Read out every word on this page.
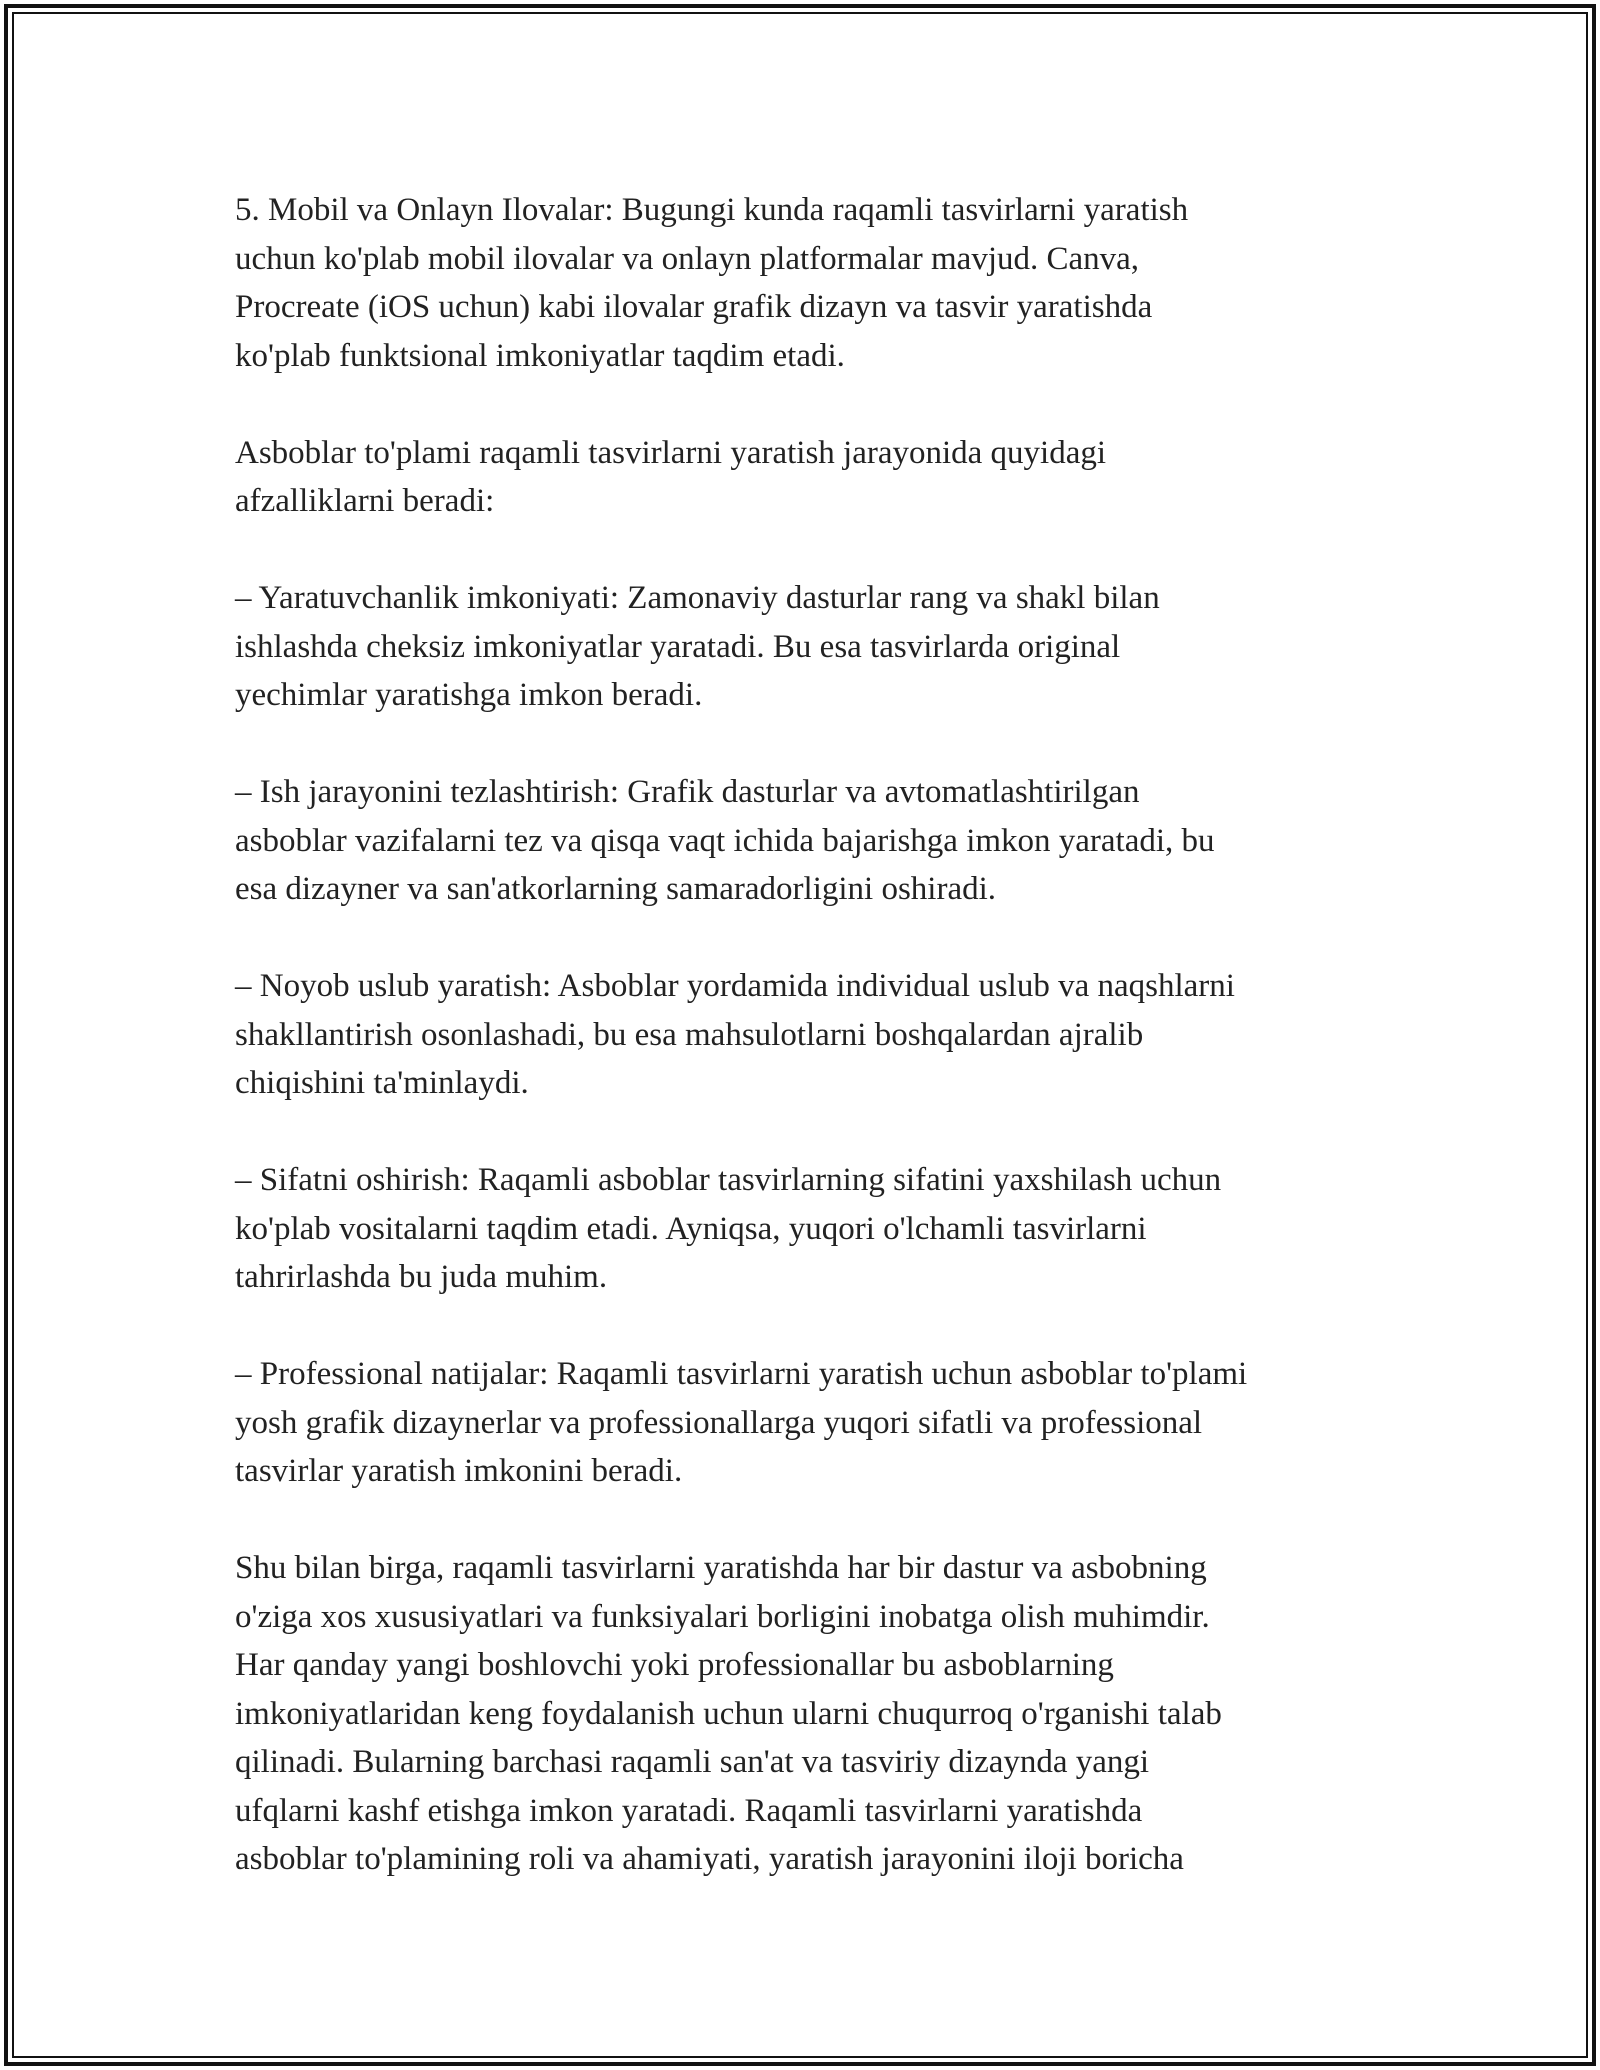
5. Mobil va Onlayn Ilovalar: Bugungi kunda raqamli tasvirlarni yaratish
uchun ko'plab mobil ilovalar va onlayn platformalar mavjud. Canva,
Procreate (iOS uchun) kabi ilovalar grafik dizayn va tasvir yaratishda
ko'plab funktsional imkoniyatlar taqdim etadi.

Asboblar to'plami raqamli tasvirlarni yaratish jarayonida quyidagi
afzalliklarni beradi:

– Yaratuvchanlik imkoniyati: Zamonaviy dasturlar rang va shakl bilan
ishlashda cheksiz imkoniyatlar yaratadi. Bu esa tasvirlarda original
yechimlar yaratishga imkon beradi.

– Ish jarayonini tezlashtirish: Grafik dasturlar va avtomatlashtirilgan
asboblar vazifalarni tez va qisqa vaqt ichida bajarishga imkon yaratadi, bu
esa dizayner va san'atkorlarning samaradorligini oshiradi.

– Noyob uslub yaratish: Asboblar yordamida individual uslub va naqshlarni
shakllantirish osonlashadi, bu esa mahsulotlarni boshqalardan ajralib
chiqishini ta'minlaydi.

– Sifatni oshirish: Raqamli asboblar tasvirlarning sifatini yaxshilash uchun
ko'plab vositalarni taqdim etadi. Ayniqsa, yuqori o'lchamli tasvirlarni
tahrirlashda bu juda muhim.

– Professional natijalar: Raqamli tasvirlarni yaratish uchun asboblar to'plami
yosh grafik dizaynerlar va professionallarga yuqori sifatli va professional
tasvirlar yaratish imkonini beradi.

Shu bilan birga, raqamli tasvirlarni yaratishda har bir dastur va asbobning
o'ziga xos xususiyatlari va funksiyalari borligini inobatga olish muhimdir.
Har qanday yangi boshlovchi yoki professionallar bu asboblarning
imkoniyatlaridan keng foydalanish uchun ularni chuqurroq o'rganishi talab
qilinadi. Bularning barchasi raqamli san'at va tasviriy dizaynda yangi
ufqlarni kashf etishga imkon yaratadi. Raqamli tasvirlarni yaratishda
asboblar to'plamining roli va ahamiyati, yaratish jarayonini iloji boricha
